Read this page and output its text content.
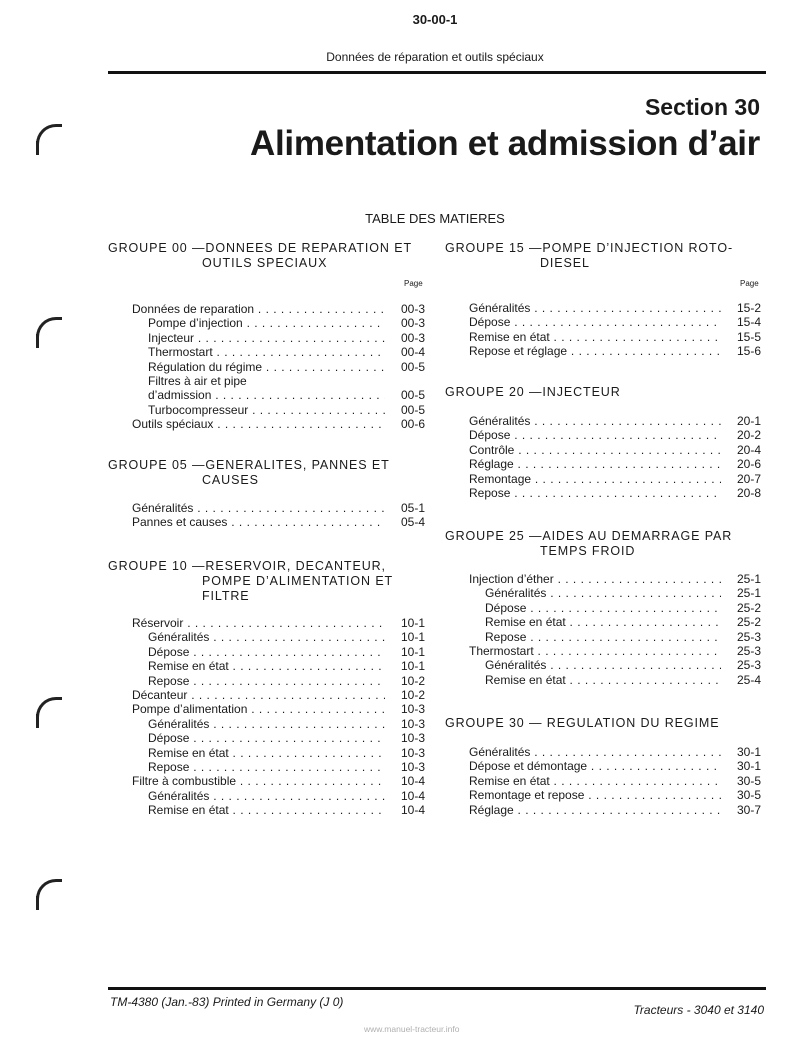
30-00-1
Données de réparation et outils spéciaux
Section 30
Alimentation et admission d’air
TABLE DES MATIERES
GROUPE 00 —DONNEES DE REPARATION ET
OUTILS SPECIAUX
Page
Données de reparation . . .	00-3
Pompe d’injection . . .	00-3
Injecteur . . .	00-3
Thermostart . . .	00-4
Régulation du régime . . .	00-5
Filtres à air et pipe
d’admission . . .	00-5
Turbocompresseur . . .	00-5
Outils spéciaux . . .	00-6
GROUPE 05 —GENERALITES, PANNES ET
CAUSES
Généralités . . .	05-1
Pannes et causes . . .	05-4
GROUPE 10 —RESERVOIR, DECANTEUR,
POMPE D’ALIMENTATION ET
FILTRE
Réservoir . . .	10-1
Généralités . . .	10-1
Dépose . . .	10-1
Remise en état . . .	10-1
Repose . . .	10-2
Décanteur . . .	10-2
Pompe d’alimentation . . .	10-3
Généralités . . .	10-3
Dépose . . .	10-3
Remise en état . . .	10-3
Repose . . .	10-3
Filtre à combustible . . .	10-4
Généralités . . .	10-4
Remise en état . . .	10-4
GROUPE 15 —POMPE D’INJECTION ROTO-
DIESEL
Page
Généralités . . .	15-2
Dépose . . .	15-4
Remise en état . . .	15-5
Repose et réglage . . .	15-6
GROUPE 20 —INJECTEUR
Généralités . . .	20-1
Dépose . . .	20-2
Contrôle . . .	20-4
Réglage . . .	20-6
Remontage . . .	20-7
Repose . . .	20-8
GROUPE 25 —AIDES AU DEMARRAGE PAR
TEMPS FROID
Injection d’éther . . .	25-1
Généralités . . .	25-1
Dépose . . .	25-2
Remise en état . . .	25-2
Repose . . .	25-3
Thermostart . . .	25-3
Généralités . . .	25-3
Remise en état . . .	25-4
GROUPE 30 — REGULATION DU REGIME
Généralités . . .	30-1
Dépose et démontage . . .	30-1
Remise en état . . .	30-5
Remontage et repose . . .	30-5
Réglage . . .	30-7
TM-4380 (Jan.-83) Printed in Germany (J 0)
Tracteurs - 3040 et 3140
www.manuel-tracteur.info
